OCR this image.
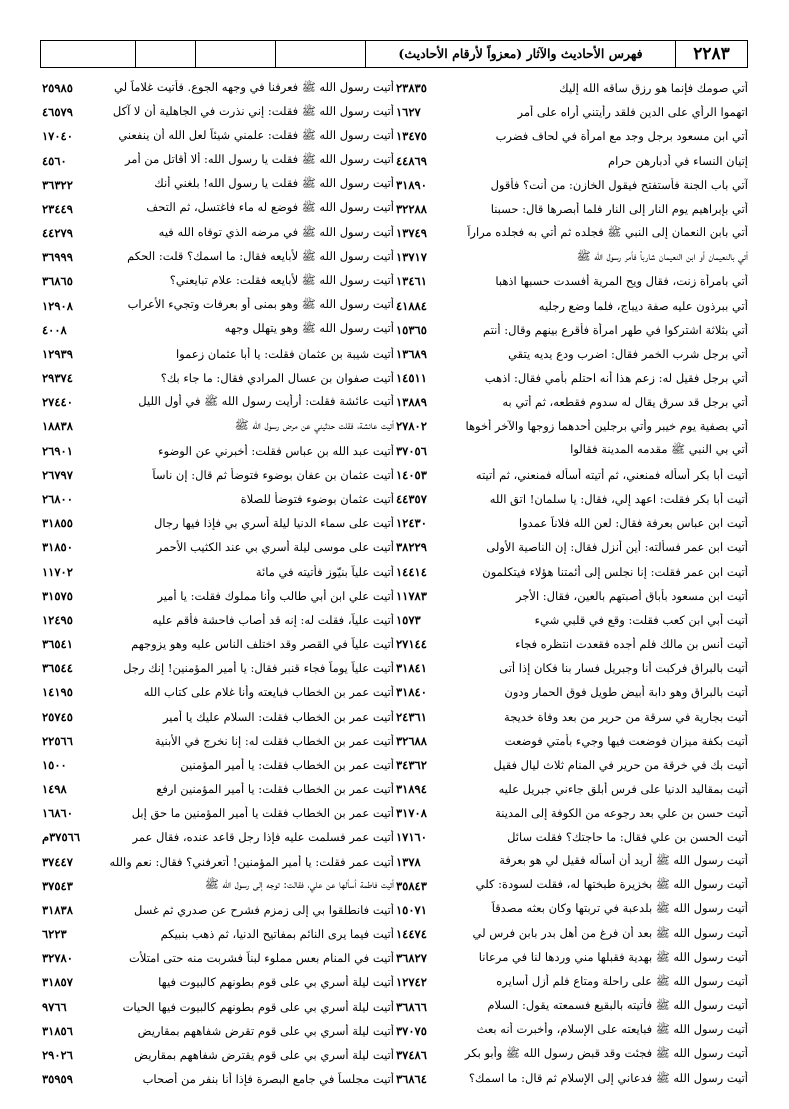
٢٢٨٣
فهرس الأحاديث والآثار (معزواً لأرقام الأحاديث)
أتي صومك فإنما هو رزق ساقه الله إليك
٢٣٨٣٥
اتهموا الرأي على الدين فلقد رأيتني أراه على أمر
١٦٢٧
أتي ابن مسعود برجل وجد مع امرأة في لحاف فضرب
١٣٤٧٥
إتيان النساء في أدبارهن حرام
٤٤٨٦٩
آتي باب الجنة فأستفتح فيقول الخازن: من أنت؟ فأقول
٣١٨٩٠
أتي بإبراهيم يوم النار إلى النار فلما أبصرها قال: حسبنا
٣٢٢٨٨
أتي بابن النعمان إلى النبي ﷺ فجلده ثم أتي به فجلده مراراً
١٣٧٤٩
أتي بالنعيمان أو ابن النعيمان شارباً فأمر رسول الله ﷺ
١٣٧١٧
أتي بامرأة زنت، فقال ويح المرية أفسدت حسبها اذهبا
١٣٤٦١
أتي ببرذون عليه صفة ديباج، فلما وضع رجليه
٤١٨٨٤
أتي بثلاثة اشتركوا في طهر امرأة فأقرع بينهم وقال: أنتم
١٥٣٦٥
أتي برجل شرب الخمر فقال: اضرب ودع يديه يتقي
١٣٦٨٩
أتي برجل فقيل له: زعم هذا أنه احتلم بأمي فقال: اذهب
١٤٥١١
أتي برجل قد سرق يقال له سدوم فقطعه، ثم أتي به
١٣٨٨٩
أتي بصفية يوم خيبر وأتي برجلين أحدهما زوجها والآخر أخوها
٢٧٨٠٢
أتي بي النبي ﷺ مقدمه المدينة فقالوا
٣٧٠٥٦
أتيت أبا بكر أسأله فمنعني، ثم أتيته أسأله فمنعني، ثم أتيته
١٤٠٥٣
أتيت أبا بكر فقلت: اعهد إلي، فقال: يا سلمان! اتق الله
٤٤٣٥٧
أتيت ابن عباس بعرفة فقال: لعن الله فلاناً عمدوا
١٢٤٣٠
أتيت ابن عمر فسألته: أين أنزل فقال: إن الناصية الأولى
٣٨٢٢٩
أتيت ابن عمر فقلت: إنا نجلس إلى أئمتنا هؤلاء فيتكلمون
١٤٤١٤
أتيت ابن مسعود بأباق أصبتهم بالعين، فقال: الأجر
١١٧٨٣
أتيت أبي ابن كعب فقلت: وقع في قلبي شيء
١٥٧٣
أتيت أنس بن مالك فلم أجده فقعدت انتظره فجاء
٢٧١٤٤
أتيت بالبراق فركبت أنا وجبريل فسار بنا فكان إذا أتى
٣١٨٤١
أتيت بالبراق وهو دابة أبيض طويل فوق الحمار ودون
٣١٨٤٠
أتيت بجارية في سرقة من حرير من بعد وفاة خديجة
٢٤٣٦١
أتيت بكفة ميزان فوضعت فيها وجيء بأمتي فوضعت
٣٢٦٨٨
أتيت بك في خرقة من حرير في المنام ثلاث ليال فقيل
٣٤٣٦٢
أتيت بمقاليد الدنيا على فرس أبلق جاءني جبريل عليه
٣١٨٩٤
أتيت حسن بن علي بعد رجوعه من الكوفة إلى المدينة
٣١٧٠٨
أتيت الحسن بن علي فقال: ما حاجتك؟ فقلت سائل
١٧١٦٠
أتيت رسول الله ﷺ أريد أن أسأله فقيل لي هو بعرفة
١٣٧٨
أتيت رسول الله ﷺ بخزيرة طبختها له، فقلت لسودة: كلي
٣٥٨٤٣
أتيت رسول الله ﷺ بلدعبة في تربتها وكان بعثه مصدقاً
١٥٠٧١
أتيت رسول الله ﷺ بعد أن فرغ من أهل بدر بابن فرس لي
١٤٤٧٤
أتيت رسول الله ﷺ بهدية فقبلها مني وردها لنا في مرعانا
٣٦٨٢٧
أتيت رسول الله ﷺ على راحلة ومتاع فلم أزل أسايره
١٢٧٤٢
أتيت رسول الله ﷺ فأتيته بالبقيع فسمعته يقول: السلام
٣٦٨٦٦
أتيت رسول الله ﷺ فبايعته على الإسلام، وأخبرت أنه بعث
٣٧٠٧٥
أتيت رسول الله ﷺ فجئت وقد قبض رسول الله ﷺ وأبو بكر
٣٧٤٨٦
أتيت رسول الله ﷺ فدعاني إلى الإسلام ثم قال: ما اسمك؟
٣٦٨٦٤
أتيت رسول الله ﷺ فعرفنا في وجهه الجوع. فأتيت غلاماً لي
٢٥٩٨٥
أتيت رسول الله ﷺ فقلت: إني نذرت في الجاهلية أن لا آكل
٤٦٥٧٩
أتيت رسول الله ﷺ فقلت: علمني شيئاً لعل الله أن ينفعني
١٧٠٤٠
أتيت رسول الله ﷺ فقلت يا رسول الله: ألا أقاتل من أمر
٤٥٦٠
أتيت رسول الله ﷺ فقلت يا رسول الله! بلغني أنك
٣٦٣٢٢
أتيت رسول الله ﷺ فوضع له ماء فاغتسل، ثم التحف
٢٣٤٤٩
أتيت رسول الله ﷺ في مرضه الذي توفاه الله فيه
٤٤٢٧٩
أتيت رسول الله ﷺ لأبايعه فقال: ما اسمك؟ قلت: الحكم
٣٦٩٩٩
أتيت رسول الله ﷺ لأبايعه فقلت: علام تبايعني؟
٣٦٨٦٥
أتيت رسول الله ﷺ وهو بمنى أو بعرفات وتجيء الأعراب
١٢٩٠٨
أتيت رسول الله ﷺ وهو يتهلل وجهه
٤٠٠٨
أتيت شيبة بن عثمان فقلت: يا أبا عثمان زعموا
١٢٩٣٩
أتيت صفوان بن عسال المرادي فقال: ما جاء بك؟
٢٩٣٧٤
أتيت عائشة فقلت: أرأيت رسول الله ﷺ في أول الليل
٢٧٤٤٠
أتيت عائشة، فقلت حدثيني عن مرض رسول الله ﷺ
١٨٨٣٨
أتيت عبد الله بن عباس فقلت: أخبرني عن الوضوء
٢٦٩٠١
أتيت عثمان بن عفان بوضوء فتوضأ ثم قال: إن ناساً
٢٦٧٩٧
أتيت عثمان بوضوء فتوضأ للصلاة
٢٦٨٠٠
أتيت على سماء الدنيا ليلة أسري بي فإذا فيها رجال
٣١٨٥٥
أتيت على موسى ليلة أسري بي عند الكثيب الأحمر
٣١٨٥٠
أتيت علياً بنيّوز فأتيته في مائة
١١٧٠٢
أتيت علي ابن أبي طالب وأنا مملوك فقلت: يا أمير
٣١٥٧٥
أتيت علياً، فقلت له: إنه قد أصاب فاحشة فأقم عليه
١٢٤٩٥
أتيت علياً في القصر وقد اختلف الناس عليه وهو يزوجهم
٣٦٥٤١
أتيت علياً يوماً فجاء قنبر فقال: يا أمير المؤمنين! إنك رجل
٣٦٥٤٤
أتيت عمر بن الخطاب فبايعته وأنا غلام على كتاب الله
١٤١٩٥
أتيت عمر بن الخطاب فقلت: السلام عليك يا أمير
٢٥٧٤٥
أتيت عمر بن الخطاب فقلت له: إنا نخرج في الأبنية
٢٢٥٦٦
أتيت عمر بن الخطاب فقلت: يا أمير المؤمنين
١٥٠٠
أتيت عمر بن الخطاب فقلت: يا أمير المؤمنين ارفع
١٤٩٨
أتيت عمر بن الخطاب فقلت يا أمير المؤمنين ما حق إبل
١٦٨٦٠
أتيت عمر فسلمت عليه فإذا رجل قاعد عنده، فقال عمر
٣٧٥٦٦م
أتيت عمر فقلت: يا أمير المؤمنين! أتعرفني؟ فقال: نعم والله
٣٧٤٤٧
أتيت فاطمة أسألها عن علي، فقالت: توجه إلى رسول الله ﷺ
٣٧٥٤٣
أتيت فانطلقوا بي إلى زمزم فشرح عن صدري ثم غسل
٣١٨٣٨
أتيت فيما يرى النائم بمفاتيح الدنيا، ثم ذهب بنبيكم
٦٢٢٣
أتيت في المنام بعس مملوء لبناً فشربت منه حتى امتلأت
٣٢٧٨٠
أتيت ليلة أسري بي على قوم بطونهم كالبيوت فيها
٣١٨٥٧
أتيت ليلة أسري بي على قوم بطونهم كالبيوت فيها الحيات
٩٧٦٦
أتيت ليلة أسري بي على قوم تقرض شفاههم بمقاريض
٣١٨٥٦
أتيت ليلة أسري بي على قوم يقترض شفاههم بمقاريض
٢٩٠٢٦
أتيت مجلساً في جامع البصرة فإذا أنا بنفر من أصحاب
٣٥٩٥٩
